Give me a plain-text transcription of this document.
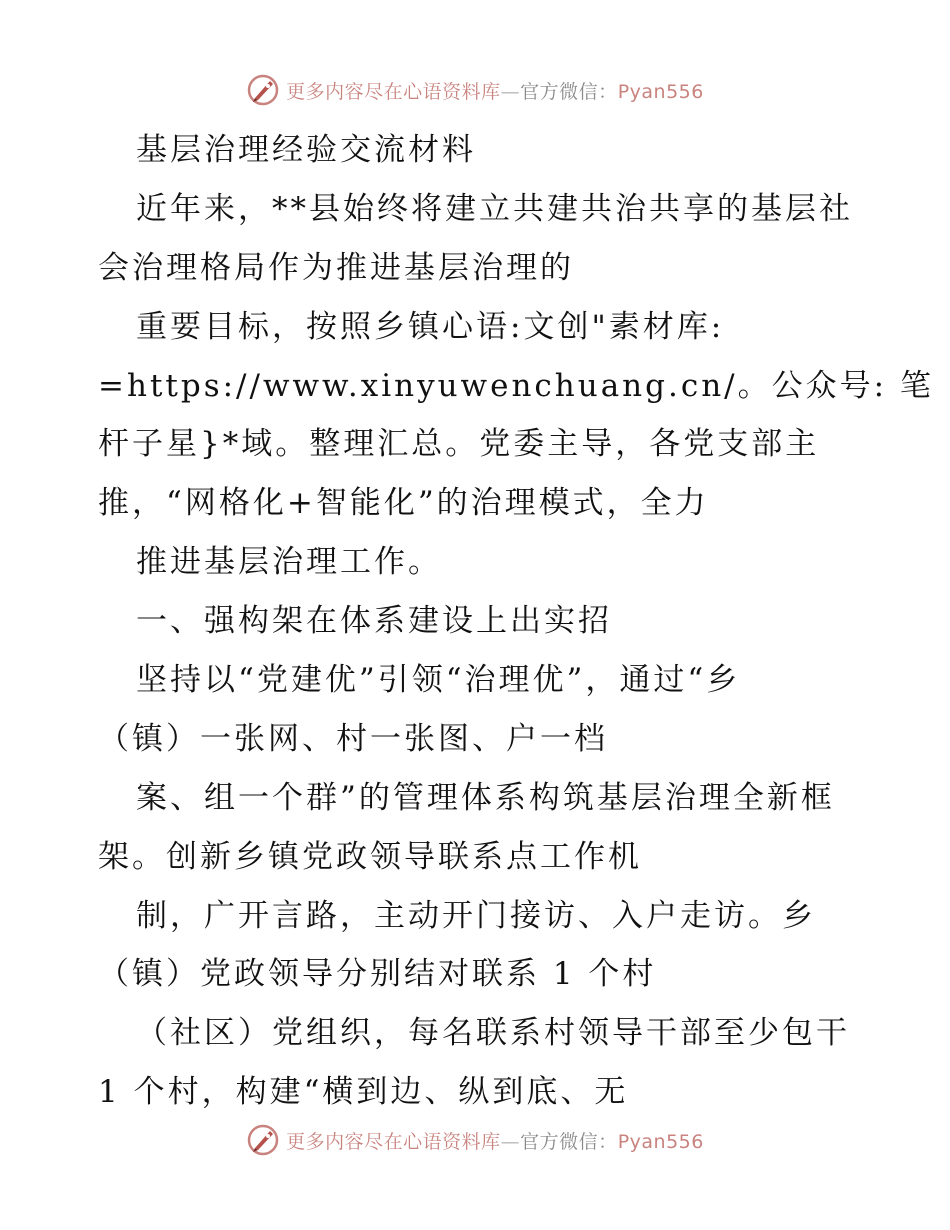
更多内容尽在心语资料库—官方微信：Pyan556
基层治理经验交流材料
近年来，**县始终将建立共建共治共享的基层社
会治理格局作为推进基层治理的
重要目标，按照乡镇心语:文创"素材库:
=https://www.xinyuwenchuang.cn/。公众号: 笔
杆子星}*域。整理汇总。党委主导，各党支部主
推，“网格化+智能化”的治理模式，全力
推进基层治理工作。
一、强构架在体系建设上出实招
坚持以“党建优”引领“治理优”，通过“乡
（镇）一张网、村一张图、户一档
案、组一个群”的管理体系构筑基层治理全新框
架。创新乡镇党政领导联系点工作机
制，广开言路，主动开门接访、入户走访。乡
（镇）党政领导分别结对联系 1 个村
（社区）党组织，每名联系村领导干部至少包干
1 个村，构建“横到边、纵到底、无
更多内容尽在心语资料库—官方微信：Pyan556
